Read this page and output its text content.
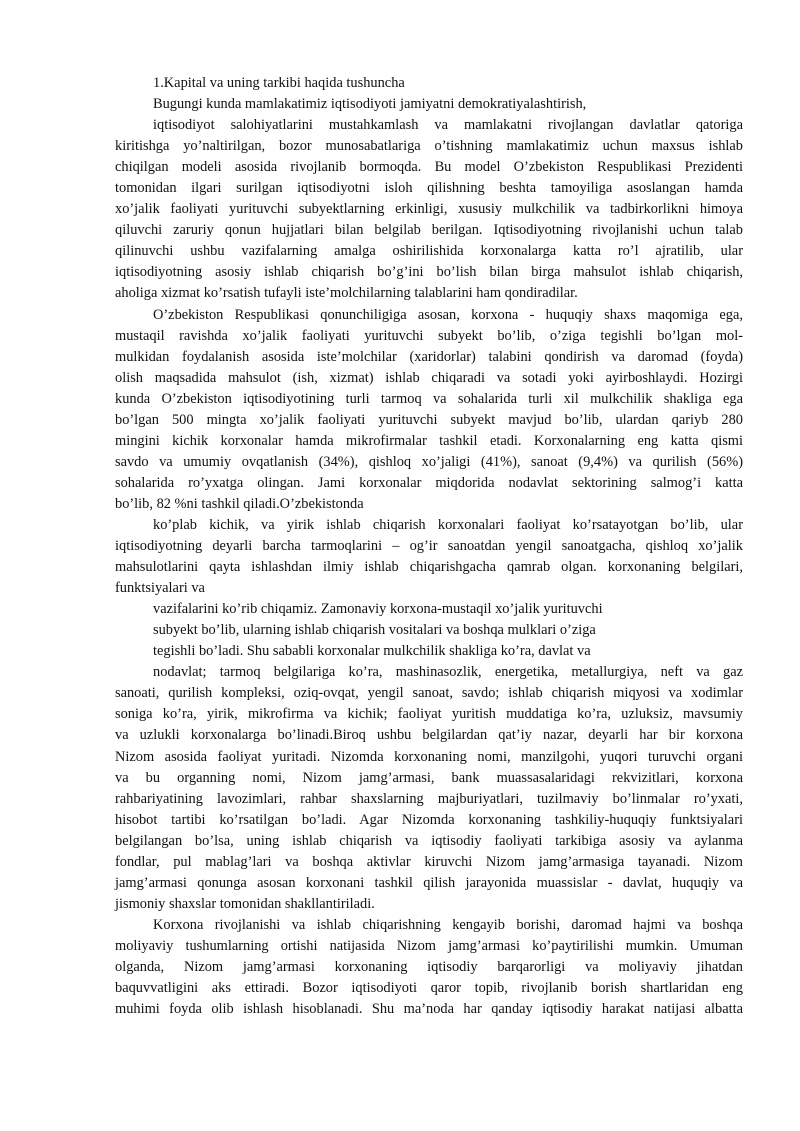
1.Kapital va uning tarkibi haqida tushuncha
Bugungi kunda mamlakatimiz iqtisodiyoti jamiyatni demokratiyalashtirish,
iqtisodiyot salohiyatlarini mustahkamlash va mamlakatni rivojlangan davlatlar qatoriga
kiritishga yo’naltirilgan, bozor munosabatlariga o’tishning mamlakatimiz uchun maxsus ishlab
chiqilgan modeli asosida rivojlanib bormoqda. Bu model O’zbekiston Respublikasi Prezidenti
tomonidan ilgari surilgan iqtisodiyotni isloh qilishning beshta tamoyiliga asoslangan hamda
xo’jalik faoliyati yurituvchi subyektlarning erkinligi, xususiy mulkchilik va tadbirkorlikni himoya
qiluvchi zaruriy qonun hujjatlari bilan belgilab berilgan. Iqtisodiyotning rivojlanishi uchun talab
qilinuvchi ushbu vazifalarning amalga oshirilishida korxonalarga katta ro’l ajratilib, ular
iqtisodiyotning asosiy ishlab chiqarish bo’g’ini bo’lish bilan birga mahsulot ishlab chiqarish,
aholiga xizmat ko’rsatish tufayli iste’molchilarning talablarini ham qondiradilar.
O’zbekiston Respublikasi qonunchiligiga asosan, korxona - huquqiy shaxs maqomiga ega,
mustaqil ravishda xo’jalik faoliyati yurituvchi subyekt bo’lib, o’ziga tegishli bo’lgan mol-
mulkidan foydalanish asosida iste’molchilar (xaridorlar) talabini qondirish va daromad (foyda)
olish maqsadida mahsulot (ish, xizmat) ishlab chiqaradi va sotadi yoki ayirboshlaydi. Hozirgi
kunda O’zbekiston iqtisodiyotining turli tarmoq va sohalarida turli xil mulkchilik shakliga ega
bo’lgan 500 mingta xo’jalik faoliyati yurituvchi subyekt mavjud bo’lib, ulardan qariyb 280
mingini kichik korxonalar hamda mikrofirmalar tashkil etadi. Korxonalarning eng katta qismi
savdo va umumiy ovqatlanish (34%), qishloq xo’jaligi (41%), sanoat (9,4%) va qurilish (56%)
sohalarida ro’yxatga olingan. Jami korxonalar miqdorida nodavlat sektorining salmog’i katta
bo’lib, 82 %ni tashkil qiladi.O’zbekistonda
ko’plab kichik, va yirik ishlab chiqarish korxonalari faoliyat ko’rsatayotgan bo’lib, ular
iqtisodiyotning deyarli barcha tarmoqlarini – og’ir sanoatdan yengil sanoatgacha, qishloq xo’jalik
mahsulotlarini qayta ishlashdan ilmiy ishlab chiqarishgacha qamrab olgan. korxonaning belgilari,
funktsiyalari va
vazifalarini ko’rib chiqamiz. Zamonaviy korxona-mustaqil xo’jalik yurituvchi
subyekt bo’lib, ularning ishlab chiqarish vositalari va boshqa mulklari o’ziga
tegishli bo’ladi. Shu sababli korxonalar mulkchilik shakliga ko’ra, davlat va
nodavlat; tarmoq belgilariga ko’ra, mashinasozlik, energetika, metallurgiya, neft va gaz
sanoati, qurilish kompleksi, oziq-ovqat, yengil sanoat, savdo; ishlab chiqarish miqyosi va xodimlar
soniga ko’ra, yirik, mikrofirma va kichik; faoliyat yuritish muddatiga ko’ra, uzluksiz, mavsumiy
va uzlukli korxonalarga bo’linadi.Biroq ushbu belgilardan qat’iy nazar, deyarli har bir korxona
Nizom asosida faoliyat yuritadi. Nizomda korxonaning nomi, manzilgohi, yuqori turuvchi organi
va bu organning nomi, Nizom jamg’armasi, bank muassasalaridagi rekvizitlari, korxona
rahbariyatining lavozimlari, rahbar shaxslarning majburiyatlari, tuzilmaviy bo’linmalar ro’yxati,
hisobot tartibi ko’rsatilgan bo’ladi. Agar Nizomda korxonaning tashkiliy-huquqiy funktsiyalari
belgilangan bo’lsa, uning ishlab chiqarish va iqtisodiy faoliyati tarkibiga asosiy va aylanma
fondlar, pul mablag’lari va boshqa aktivlar kiruvchi Nizom jamg’armasiga tayanadi. Nizom
jamg’armasi qonunga asosan korxonani tashkil qilish jarayonida muassislar - davlat, huquqiy va
jismoniy shaxslar tomonidan shakllantiriladi.
Korxona rivojlanishi va ishlab chiqarishning kengayib borishi, daromad hajmi va boshqa
moliyaviy tushumlarning ortishi natijasida Nizom jamg’armasi ko’paytirilishi mumkin. Umuman
olganda, Nizom jamg’armasi korxonaning iqtisodiy barqarorligi va moliyaviy jihatdan
baquvvatligini aks ettiradi. Bozor iqtisodiyoti qaror topib, rivojlanib borish shartlaridan eng
muhimi foyda olib ishlash hisoblanadi. Shu ma’noda har qanday iqtisodiy harakat natijasi albatta
